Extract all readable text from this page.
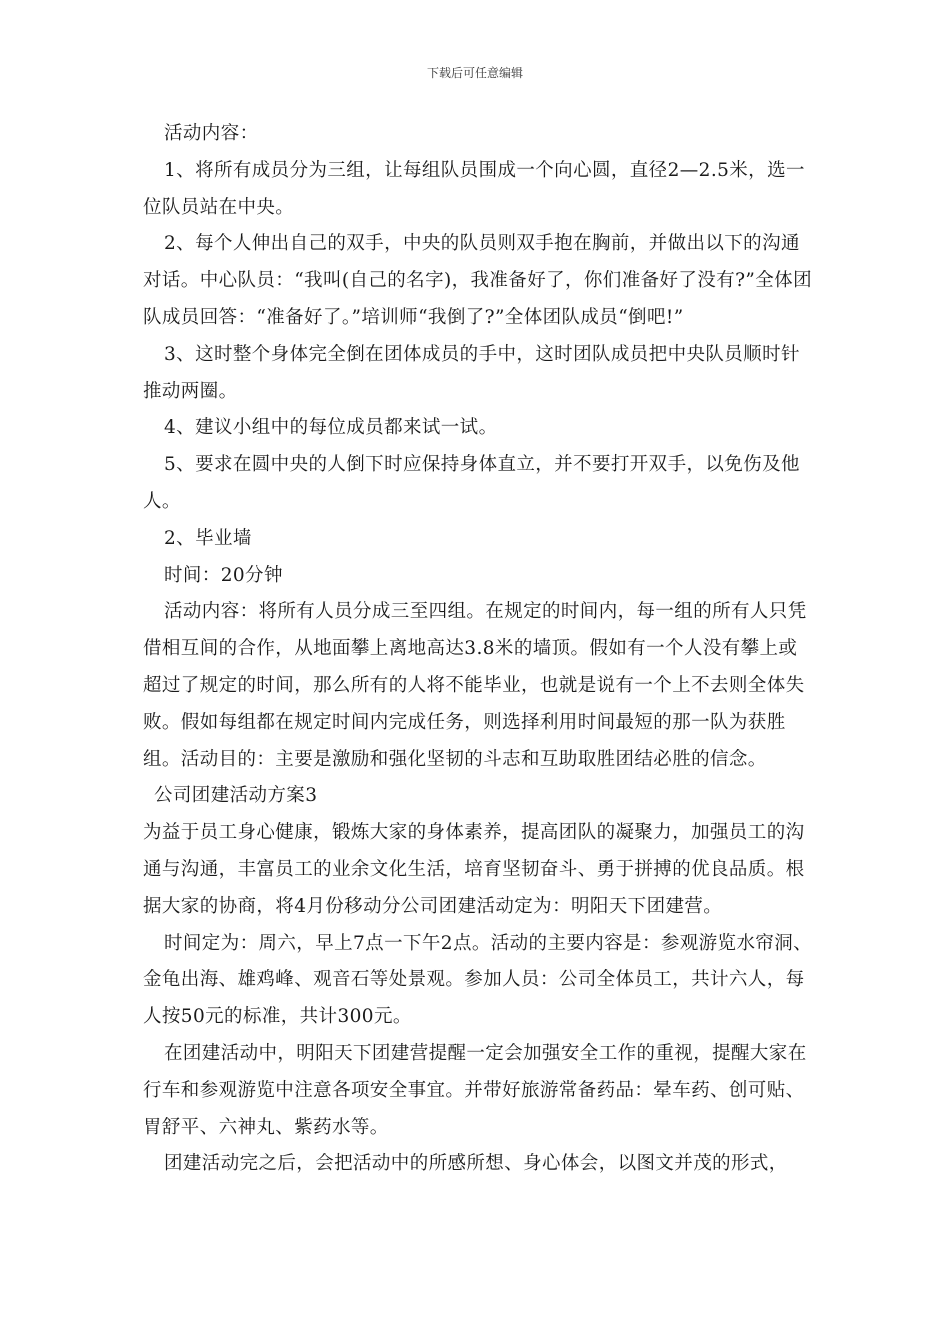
下载后可任意编辑

活动内容：

1、将所有成员分为三组，让每组队员围成一个向心圆，直径2—2.5米，选一位队员站在中央。

2、每个人伸出自己的双手，中央的队员则双手抱在胸前，并做出以下的沟通对话。中心队员：“我叫(自己的名字)，我准备好了，你们准备好了没有?”全体团队成员回答：“准备好了。”培训师“我倒了?”全体团队成员“倒吧!”

3、这时整个身体完全倒在团体成员的手中，这时团队成员把中央队员顺时针推动两圈。

4、建议小组中的每位成员都来试一试。

5、要求在圆中央的人倒下时应保持身体直立，并不要打开双手，以免伤及他人。

2、毕业墙

时间：20分钟

活动内容：将所有人员分成三至四组。在规定的时间内，每一组的所有人只凭借相互间的合作，从地面攀上离地高达3.8米的墙顶。假如有一个人没有攀上或超过了规定的时间，那么所有的人将不能毕业，也就是说有一个上不去则全体失败。假如每组都在规定时间内完成任务，则选择利用时间最短的那一队为获胜组。活动目的：主要是激励和强化坚韧的斗志和互助取胜团结必胜的信念。

公司团建活动方案3

为益于员工身心健康，锻炼大家的身体素养，提高团队的凝聚力，加强员工的沟通与沟通，丰富员工的业余文化生活，培育坚韧奋斗、勇于拼搏的优良品质。根据大家的协商，将4月份移动分公司团建活动定为：明阳天下团建营。

时间定为：周六，早上7点一下午2点。活动的主要内容是：参观游览水帘洞、金龟出海、雄鸡峰、观音石等处景观。参加人员：公司全体员工，共计六人，每人按50元的标准，共计300元。

在团建活动中，明阳天下团建营提醒一定会加强安全工作的重视，提醒大家在行车和参观游览中注意各项安全事宜。并带好旅游常备药品：晕车药、创可贴、胃舒平、六神丸、紫药水等。

团建活动完之后，会把活动中的所感所想、身心体会，以图文并茂的形式，
